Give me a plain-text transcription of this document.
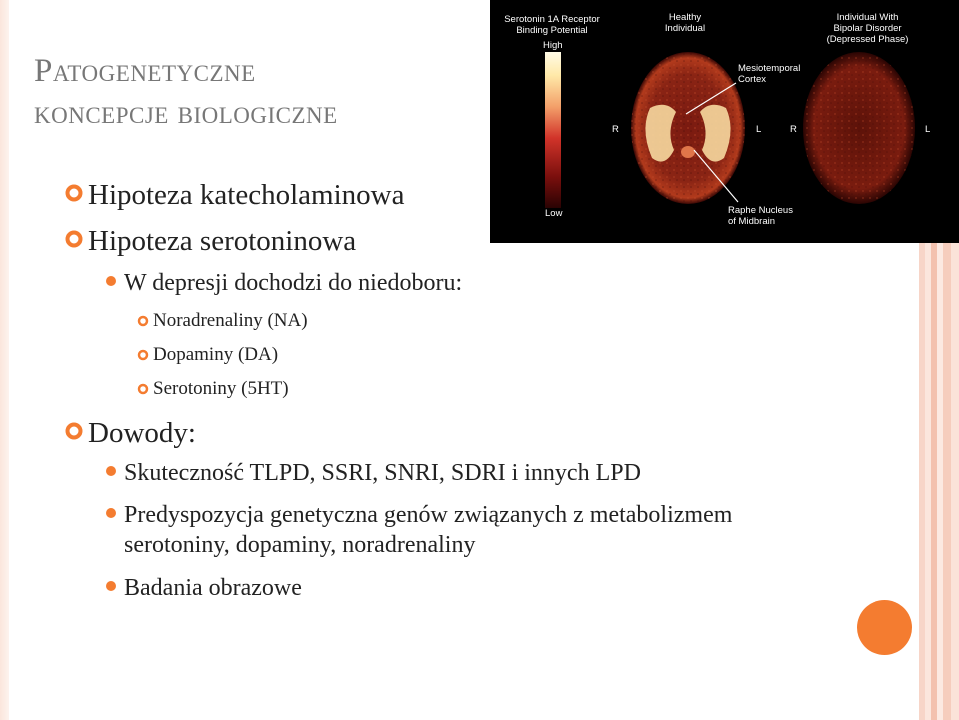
Patogenetyczne
koncepcje biologiczne
Serotonin 1A Receptor
Binding Potential
High
Low
Healthy
Individual
Individual With
Bipolar Disorder
(Depressed Phase)
Mesiotemporal
Cortex
Raphe Nucleus
of Midbrain
R	L	R	L
Hipoteza katecholaminowa
Hipoteza serotoninowa
W depresji dochodzi do niedoboru:
Noradrenaliny (NA)
Dopaminy (DA)
Serotoniny (5HT)
Dowody:
Skuteczność TLPD, SSRI, SNRI, SDRI i innych LPD
Predyspozycja genetyczna genów związanych z metabolizmem serotoniny, dopaminy, noradrenaliny
Badania obrazowe
